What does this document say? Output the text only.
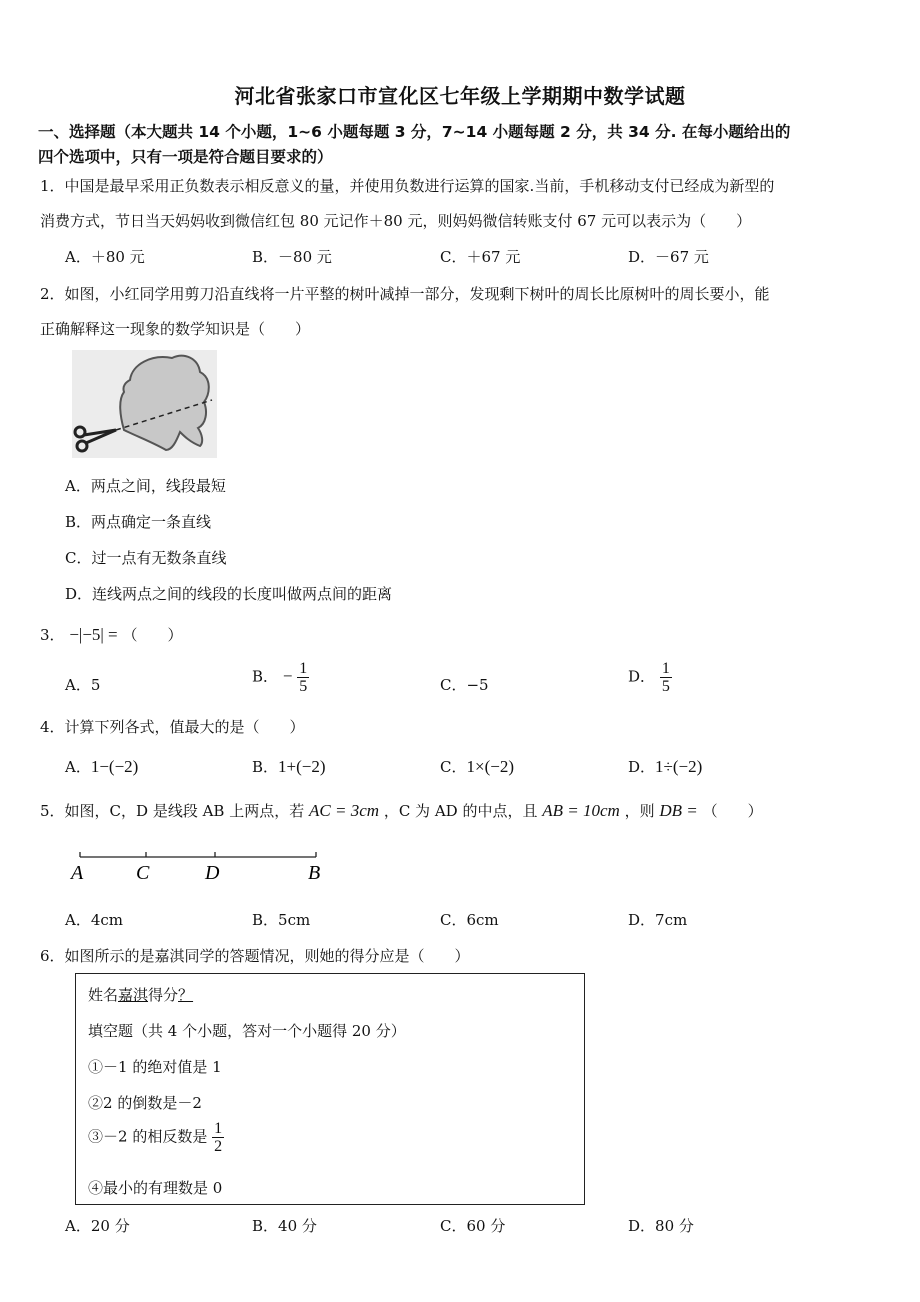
河北省张家口市宣化区七年级上学期期中数学试题
一、选择题（本大题共 14 个小题，1~6 小题每题 3 分，7~14 小题每题 2 分，共 34 分. 在每小题给出的
四个选项中，只有一项是符合题目要求的）
1．中国是最早采用正负数表示相反意义的量，并使用负数进行运算的国家.当前，手机移动支付已经成为新型的
消费方式，节日当天妈妈收到微信红包 80 元记作＋80 元，则妈妈微信转账支付 67 元可以表示为（　　）
A．＋80 元	B．－80 元	C．＋67 元	D．－67 元
2．如图，小红同学用剪刀沿直线将一片平整的树叶减掉一部分，发现剩下树叶的周长比原树叶的周长要小，能
正确解释这一现象的数学知识是（　　）
A．两点之间，线段最短
B．两点确定一条直线
C．过一点有无数条直线
D．连线两点之间的线段的长度叫做两点间的距离
3． −|−5| = （　　）
A．5	B． − $\frac{1}{5}$	C．−5	D． $\frac{1}{5}$
4．计算下列各式，值最大的是（　　）
A．1−(−2)	B．1+(−2)	C．1×(−2)	D．1÷(−2)
5．如图，C，D 是线段 AB 上两点，若 AC = 3cm ，C 为 AD 的中点，且 AB = 10cm ，则 DB = （　　）
A	C	D	B
A．4cm	B．5cm	C．6cm	D．7cm
6．如图所示的是嘉淇同学的答题情况，则她的得分应是（　　）
姓名嘉淇得分？
填空题（共 4 个小题，答对一个小题得 20 分）
①－1 的绝对值是 1
②2 的倒数是－2
③－2 的相反数是 $\frac{1}{2}$
④最小的有理数是 0
A．20 分	B．40 分	C．60 分	D．80 分
